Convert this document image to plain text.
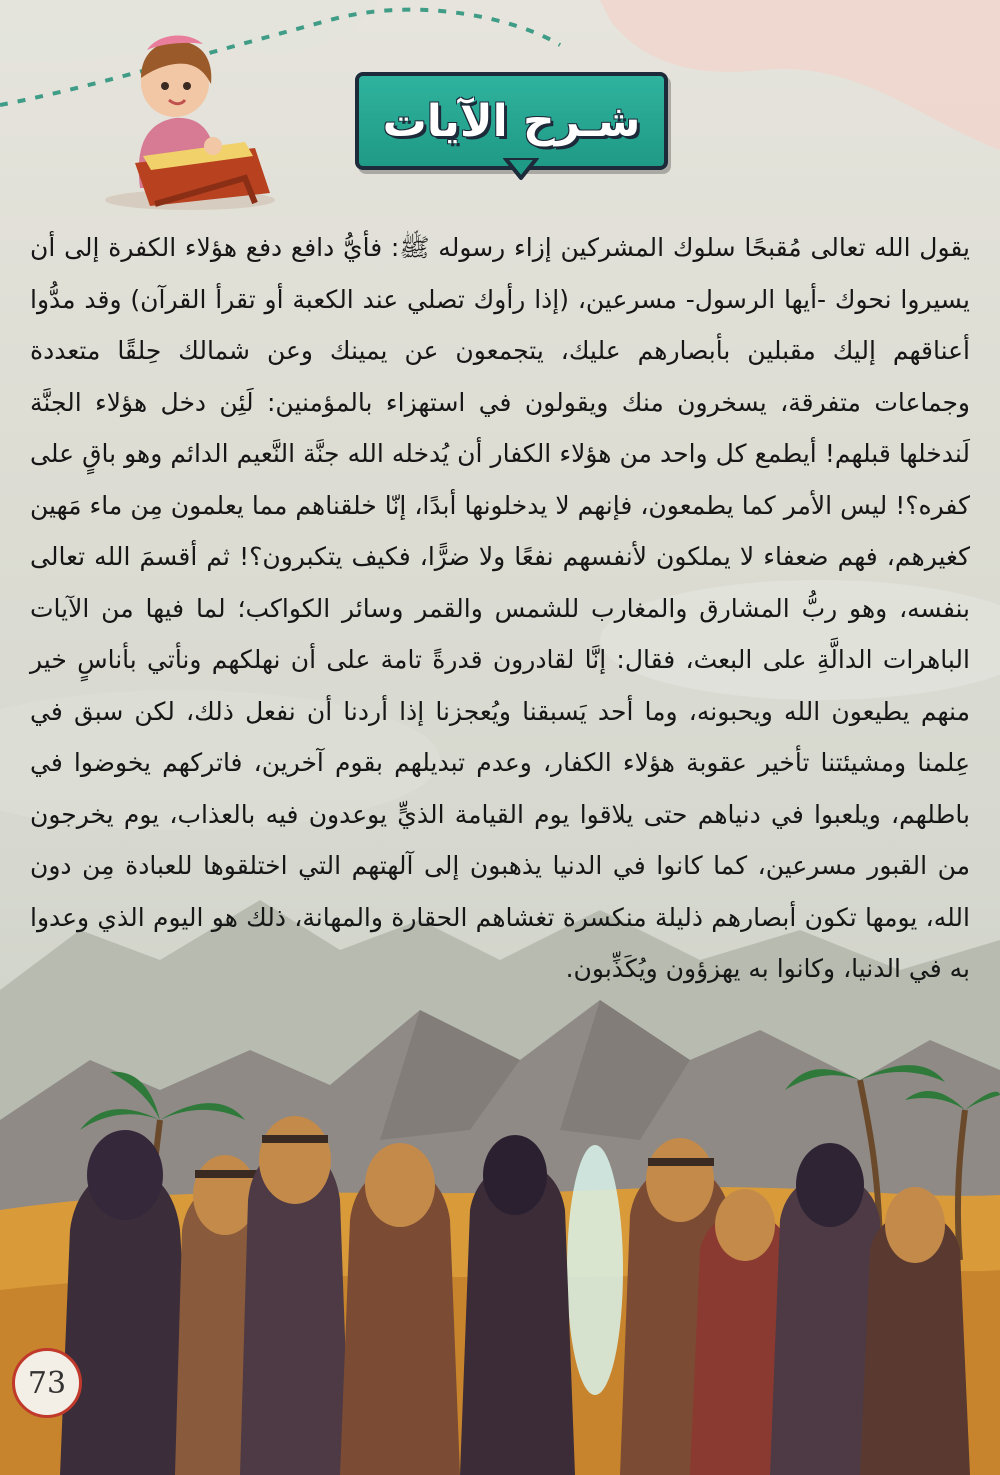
شـرح الآيات
يقول الله تعالى مُقبحًا سلوك المشركين إزاء رسوله ﷺ: فأيُّ دافع دفع هؤلاء الكفرة إلى أن يسيروا نحوك -أيها الرسول- مسرعين، (إذا رأوك تصلي عند الكعبة أو تقرأ القرآن) وقد مدُّوا أعناقهم إليك مقبلين بأبصارهم عليك، يتجمعون عن يمينك وعن شمالك حِلقًا متعددة وجماعات متفرقة، يسخرون منك ويقولون في استهزاء بالمؤمنين: لَئِن دخل هؤلاء الجنَّة لَندخلها قبلهم! أيطمع كل واحد من هؤلاء الكفار أن يُدخله الله جنَّة النَّعيم الدائم وهو باقٍ على كفره؟! ليس الأمر كما يطمعون، فإنهم لا يدخلونها أبدًا، إنّا خلقناهم مما يعلمون مِن ماء مَهين كغيرهم، فهم ضعفاء لا يملكون لأنفسهم نفعًا ولا ضرًّا، فكيف يتكبرون؟! ثم أقسمَ الله تعالى بنفسه، وهو ربُّ المشارق والمغارب للشمس والقمر وسائر الكواكب؛ لما فيها من الآيات الباهرات الدالَّةِ على البعث، فقال: إنَّا لقادرون قدرةً تامة على أن نهلكهم ونأتي بأناسٍ خير منهم يطيعون الله ويحبونه، وما أحد يَسبقنا ويُعجزنا إذا أردنا أن نفعل ذلك، لكن سبق في عِلمنا ومشيئتنا تأخير عقوبة هؤلاء الكفار، وعدم تبديلهم بقوم آخرين، فاتركهم يخوضوا في باطلهم، ويلعبوا في دنياهم حتى يلاقوا يوم القيامة الذيٍّ يوعدون فيه بالعذاب، يوم يخرجون من القبور مسرعين، كما كانوا في الدنيا يذهبون إلى آلهتهم التي اختلقوها للعبادة مِن دون الله، يومها تكون أبصارهم ذليلة منكسرة تغشاهم الحقارة والمهانة، ذلك هو اليوم الذي وعدوا به في الدنيا، وكانوا به يهزؤون ويُكَذِّبون.
73
